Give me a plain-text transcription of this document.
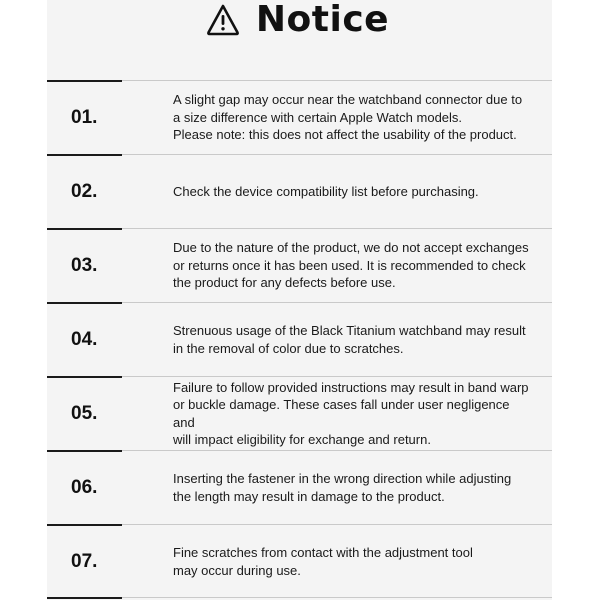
Notice
01.
A slight gap may occur near the watchband connector due to
a size difference with certain Apple Watch models.
Please note: this does not affect the usability of the product.
02.	Check the device compatibility list before purchasing.
03.
Due to the nature of the product, we do not accept exchanges
or returns once it has been used. It is recommended to check
the product for any defects before use.
04.	Strenuous usage of the Black Titanium watchband may result
in the removal of color due to scratches.
05.
Failure to follow provided instructions may result in band warp
or buckle damage. These cases fall under user negligence and
will impact eligibility for exchange and return.
06.	Inserting the fastener in the wrong direction while adjusting
the length may result in damage to the product.
07.	Fine scratches from contact with the adjustment tool
may occur during use.
